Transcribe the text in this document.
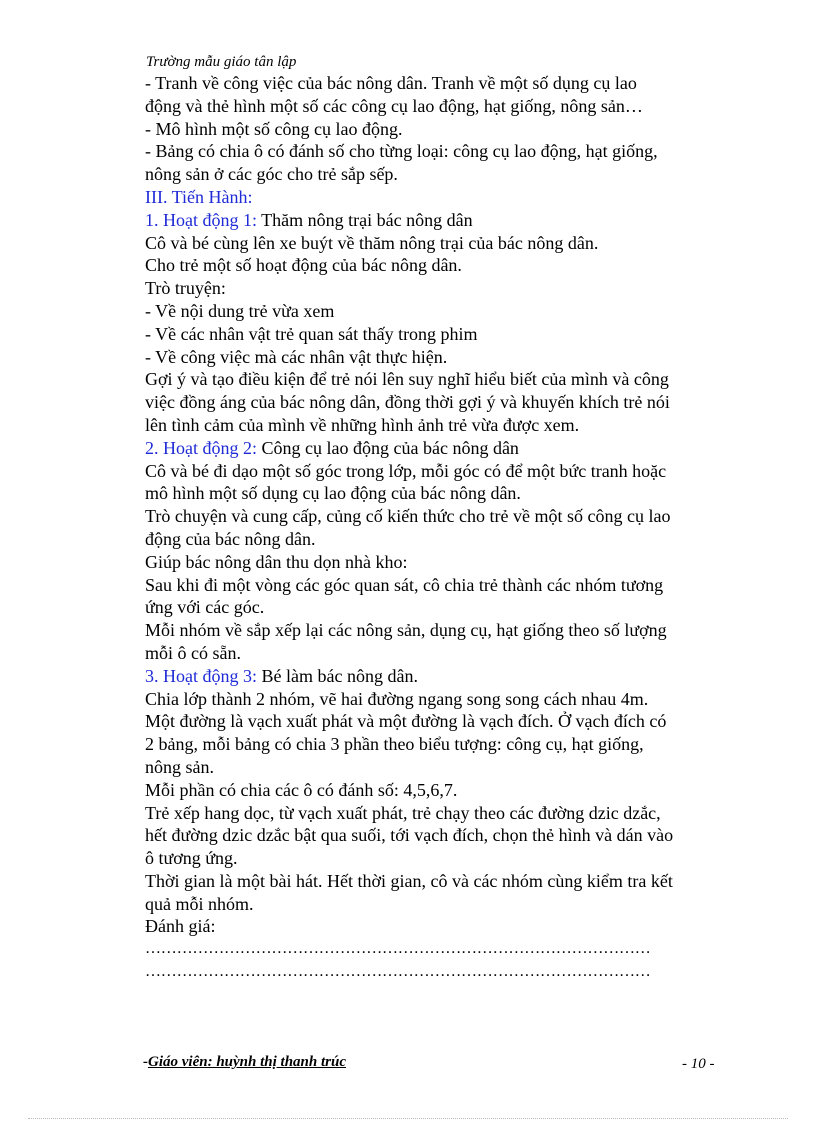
Trường mẫu giáo tân lập
- Tranh về công việc của bác nông dân. Tranh về một số dụng cụ lao
động và thẻ hình một số các công cụ lao động, hạt giống, nông sản…
- Mô hình một số công cụ lao động.
- Bảng có chia ô có đánh số cho từng loại: công cụ lao động, hạt giống,
nông sản ở các góc cho trẻ sắp sếp.
III. Tiến Hành:
1. Hoạt động 1: Thăm nông trại bác nông dân
Cô và bé cùng lên xe buýt về thăm nông trại của bác nông dân.
Cho trẻ một số hoạt động của bác nông dân.
Trò truyện:
- Về nội dung trẻ vừa xem
- Về các nhân vật trẻ quan sát thấy trong phim
- Về công việc mà các nhân vật thực hiện.
Gợi ý và tạo điều kiện để trẻ nói lên suy nghĩ hiểu biết của mình và công
việc đồng áng của bác nông dân, đồng thời gợi ý và khuyến khích trẻ nói
lên tình cảm của mình về những hình ảnh trẻ vừa được xem.
2. Hoạt động 2: Công cụ lao động của bác nông dân
Cô và bé đi dạo một số góc trong lớp, mỗi góc có để một bức tranh hoặc
mô hình một số dụng cụ lao động của bác nông dân.
Trò chuyện và cung cấp, củng cố kiến thức cho trẻ về một số công cụ lao
động của bác nông dân.
Giúp bác nông dân thu dọn nhà kho:
Sau khi đi một vòng các góc quan sát, cô chia trẻ thành các nhóm tương
ứng với các góc.
Mỗi nhóm về sắp xếp lại các nông sản, dụng cụ, hạt giống theo số lượng
mỗi ô có sẵn.
3. Hoạt động 3: Bé làm bác nông dân.
Chia lớp thành 2 nhóm, vẽ hai đường ngang song song cách nhau 4m.
Một đường là vạch xuất phát và một đường là vạch đích. Ở vạch đích có
2 bảng, mỗi bảng có chia 3 phần theo biểu tượng: công cụ, hạt giống,
nông sản.
Mỗi phần có chia các ô có đánh số: 4,5,6,7.
Trẻ xếp hang dọc, từ vạch xuất phát, trẻ chạy theo các đường dzic dzắc,
hết đường dzic dzắc bật qua suối, tới vạch đích, chọn thẻ hình và dán vào
ô tương ứng.
Thời gian là một bài hát. Hết thời gian, cô và các nhóm cùng kiểm tra kết
quả mỗi nhóm.
Đánh giá:
……………………………………………………………………………………
……………………………………………………………………………………
-Giáo viên: huỳnh thị thanh trúc	- 10 -
